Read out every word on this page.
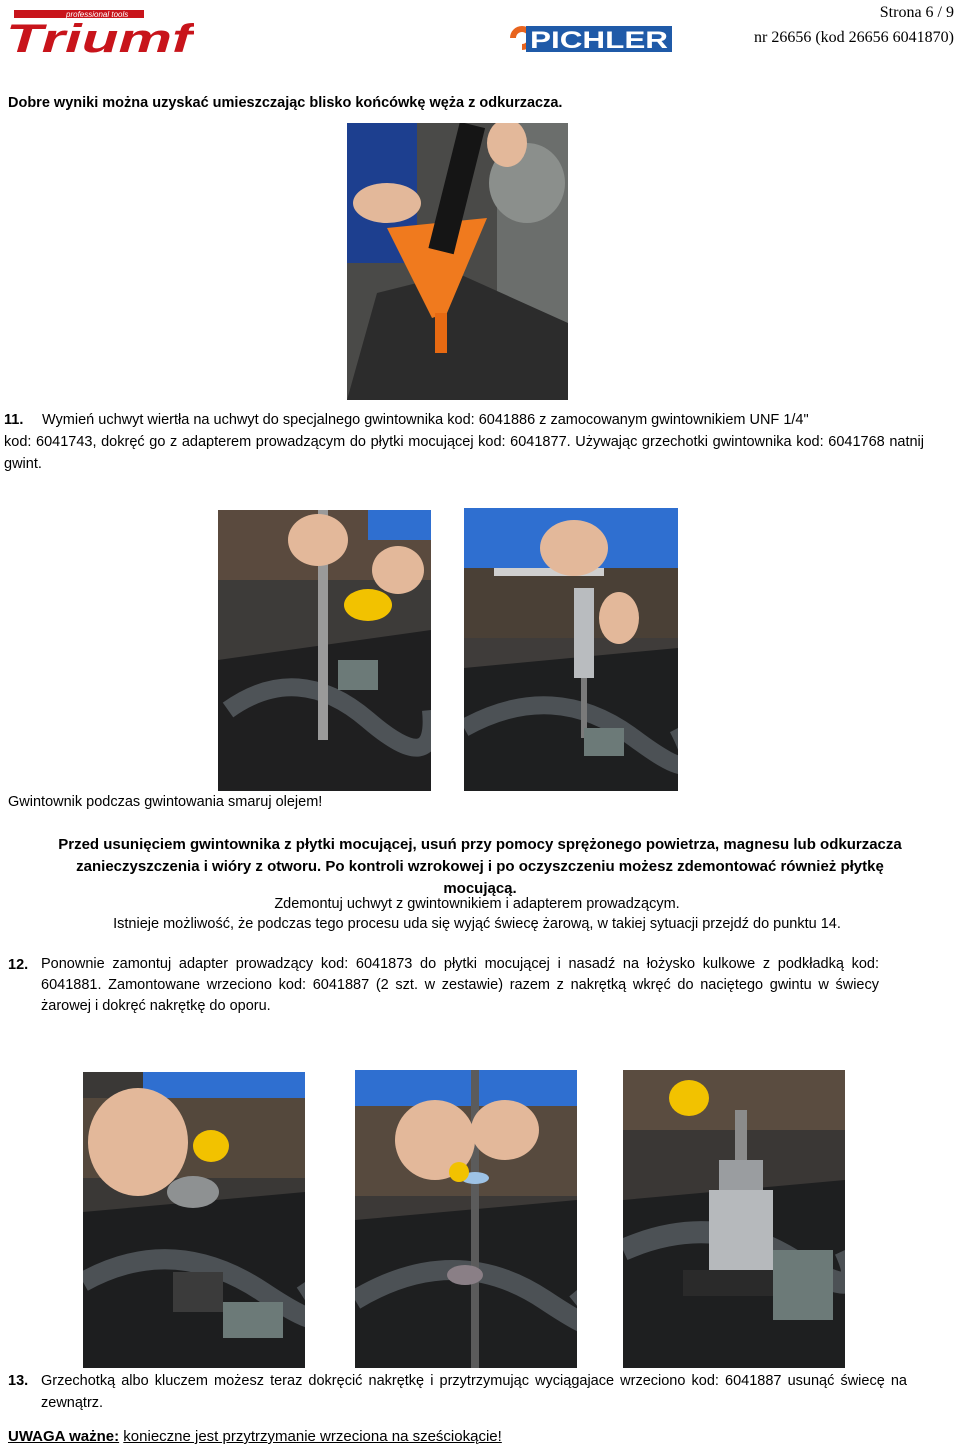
professional tools
Triumf	PICHLER
Strona 6 / 9
nr 26656 (kod 26656 6041870)
Dobre wyniki można uzyskać umieszczając blisko końcówkę węża z odkurzacza.
11. Wymień uchwyt wiertła na uchwyt do specjalnego gwintownika kod: 6041886 z zamocowanym gwintownikiem UNF 1/4"
kod: 6041743, dokręć go z adapterem prowadzącym do płytki mocującej kod: 6041877. Używając grzechotki gwintownika kod: 6041768 natnij gwint.
Gwintownik podczas gwintowania smaruj olejem!
Przed usunięciem gwintownika z płytki mocującej, usuń przy pomocy sprężonego powietrza, magnesu lub odkurzacza zanieczyszczenia i wióry z otworu. Po kontroli wzrokowej i po oczyszczeniu możesz zdemontować również płytkę mocującą.
Zdemontuj uchwyt z gwintownikiem i adapterem prowadzącym.
Istnieje możliwość, że podczas tego procesu uda się wyjąć świecę żarową, w takiej sytuacji przejdź do punktu 14.
12. Ponownie zamontuj adapter prowadzący kod: 6041873 do płytki mocującej i nasadź na łożysko kulkowe z podkładką kod: 6041881. Zamontowane wrzeciono kod: 6041887 (2 szt. w zestawie) razem z nakrętką wkręć do naciętego gwintu w świecy żarowej i dokręć nakrętkę do oporu.
13. Grzechotką albo kluczem możesz teraz dokręcić nakrętkę i przytrzymując wyciągajace wrzeciono kod: 6041887 usunąć świecę na zewnątrz.
UWAGA ważne: konieczne jest przytrzymanie wrzeciona na sześciokącie!
